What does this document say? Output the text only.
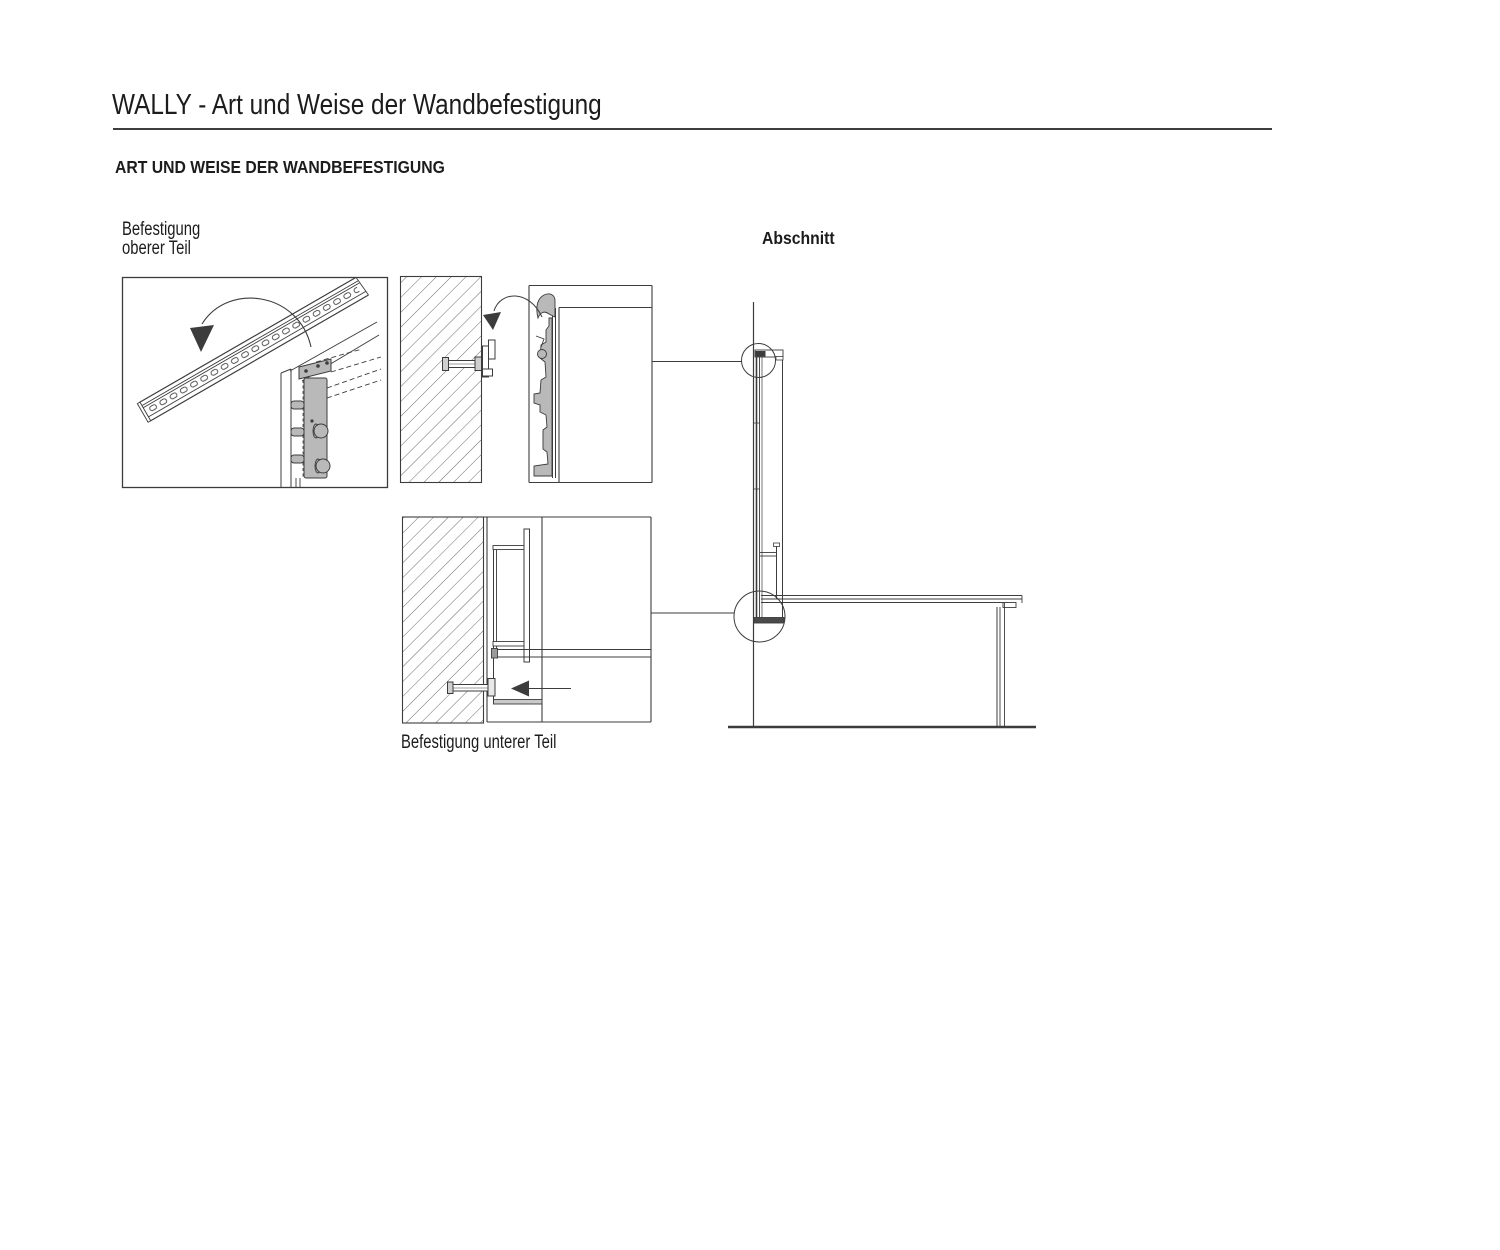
WALLY - Art und Weise der Wandbefestigung
ART UND WEISE DER WANDBEFESTIGUNG
Befestigung
oberer Teil	Abschnitt
Befestigung unterer Teil
